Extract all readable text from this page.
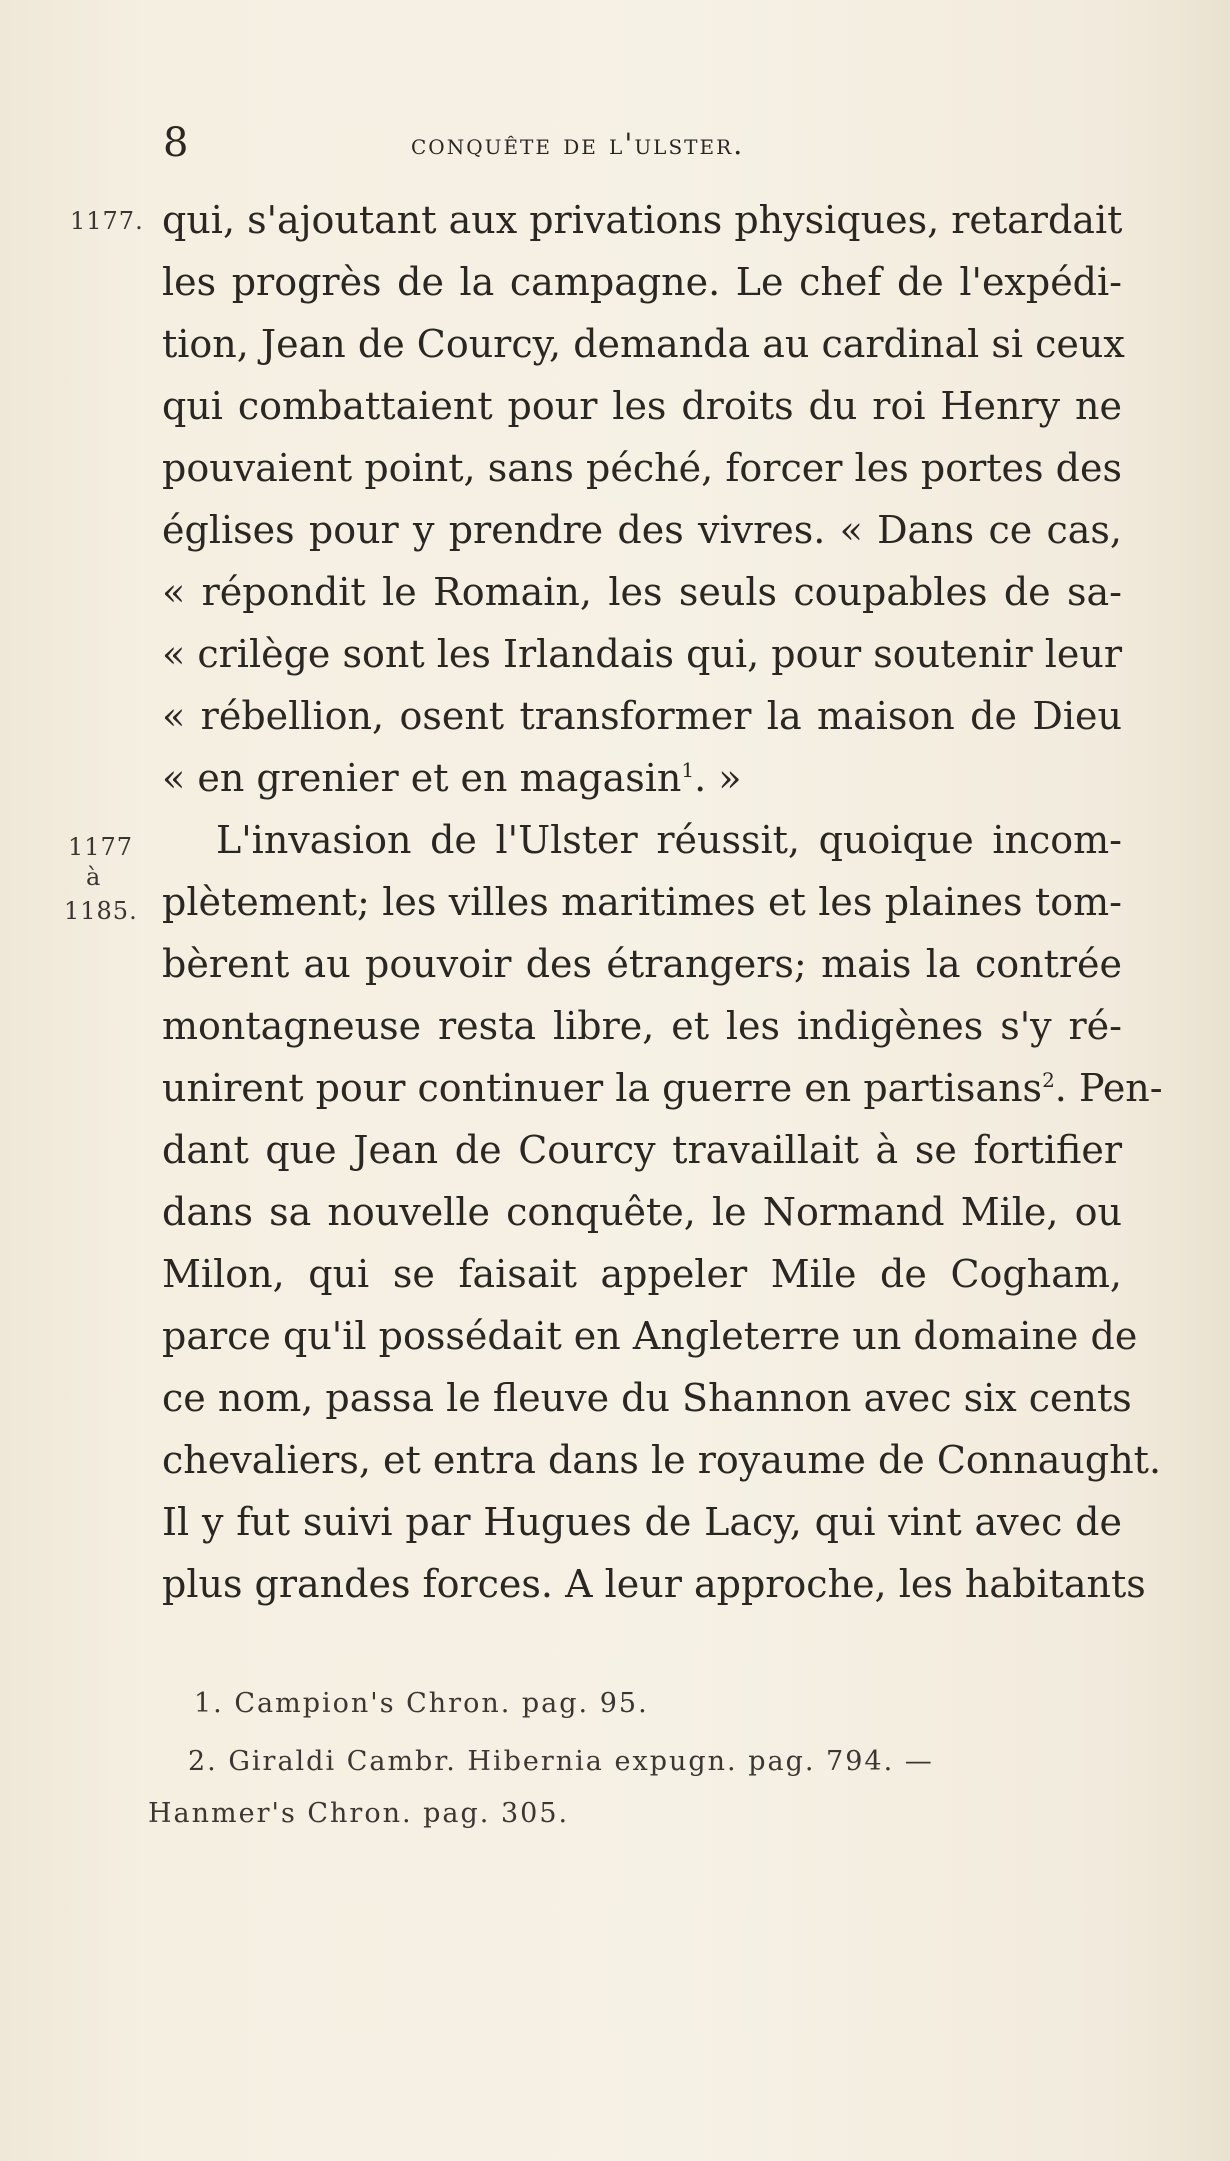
8	conquête de l'ulster.
1177.
1177
à
1185.
qui, s'ajoutant aux privations physiques, retardait
les progrès de la campagne. Le chef de l'expédi-
tion, Jean de Courcy, demanda au cardinal si ceux
qui combattaient pour les droits du roi Henry ne
pouvaient point, sans péché, forcer les portes des
églises pour y prendre des vivres. « Dans ce cas,
« répondit le Romain, les seuls coupables de sa-
« crilège sont les Irlandais qui, pour soutenir leur
« rébellion, osent transformer la maison de Dieu
« en grenier et en magasin$^1$. »
L'invasion de l'Ulster réussit, quoique incom-
plètement; les villes maritimes et les plaines tom-
bèrent au pouvoir des étrangers; mais la contrée
montagneuse resta libre, et les indigènes s'y ré-
unirent pour continuer la guerre en partisans$^2$. Pen-
dant que Jean de Courcy travaillait à se fortifier
dans sa nouvelle conquête, le Normand Mile, ou
Milon, qui se faisait appeler Mile de Cogham,
parce qu'il possédait en Angleterre un domaine de
ce nom, passa le fleuve du Shannon avec six cents
chevaliers, et entra dans le royaume de Connaught.
Il y fut suivi par Hugues de Lacy, qui vint avec de
plus grandes forces. A leur approche, les habitants
1. Campion's Chron. pag. 95.
2. Giraldi Cambr. Hibernia expugn. pag. 794. —
Hanmer's Chron. pag. 305.
